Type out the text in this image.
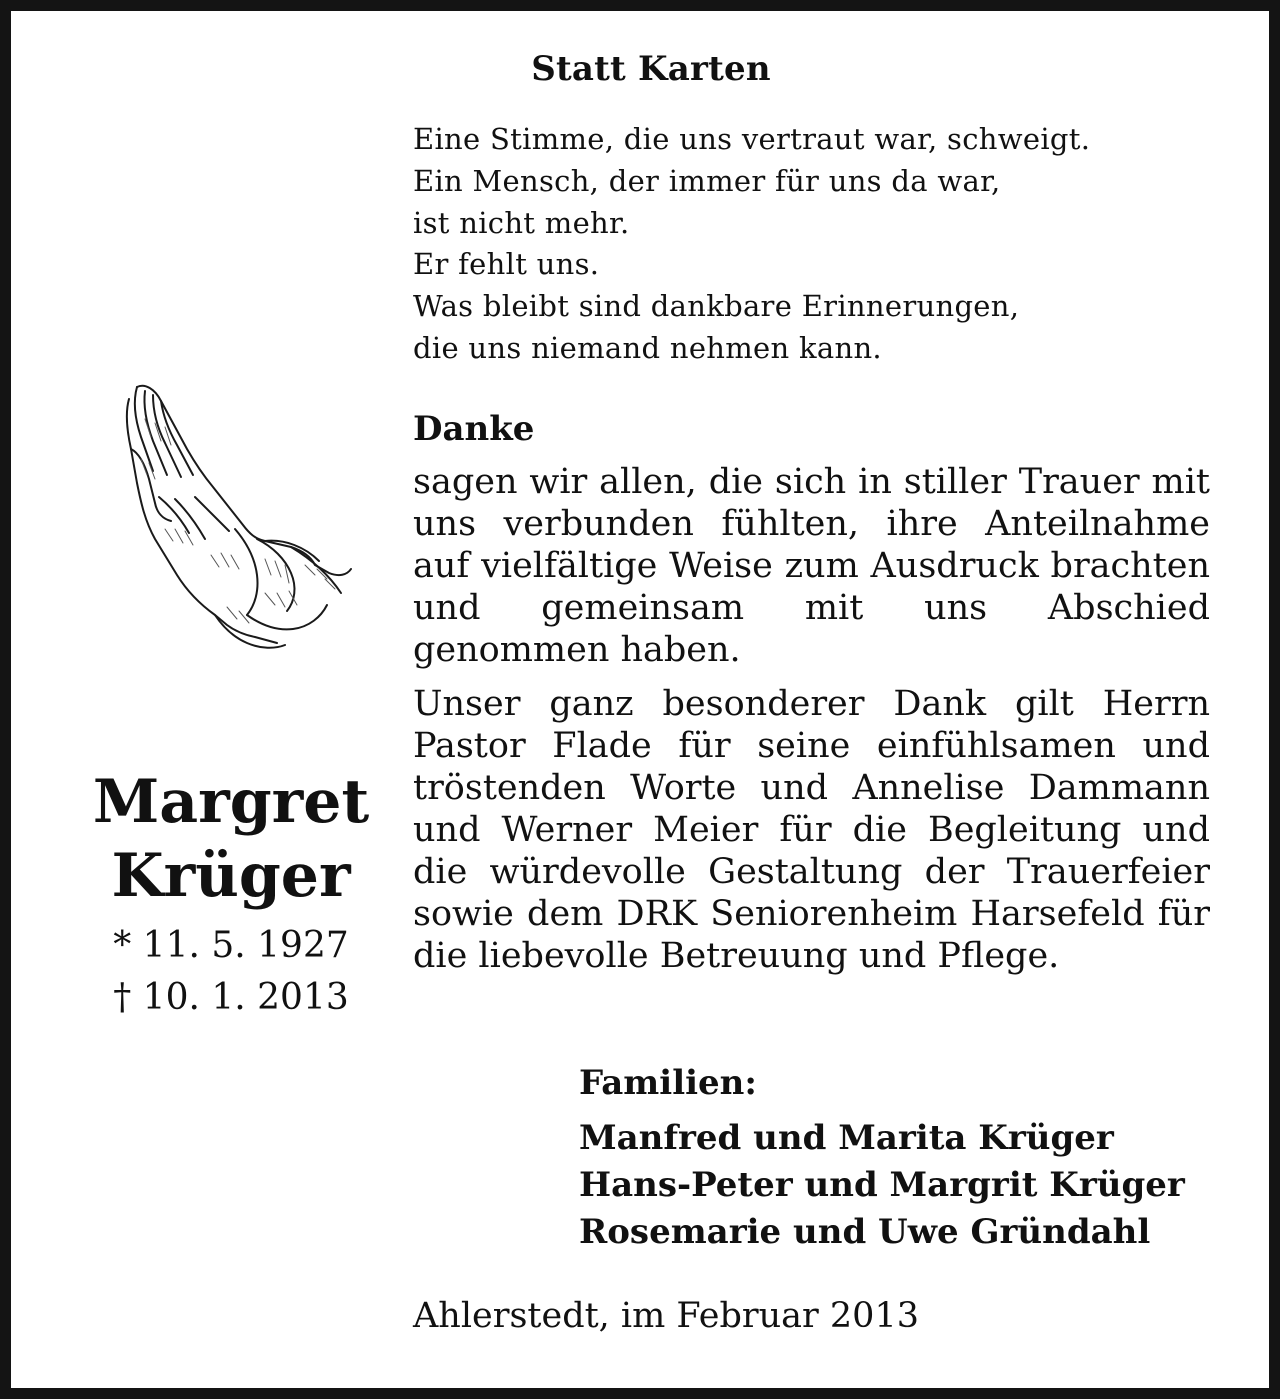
Statt Karten
Eine Stimme, die uns vertraut war, schweigt.
Ein Mensch, der immer für uns da war,
ist nicht mehr.
Er fehlt uns.
Was bleibt sind dankbare Erinnerungen,
die uns niemand nehmen kann.
Danke
sagen wir allen, die sich in stiller Trauer mit uns verbunden fühlten, ihre Anteilnahme auf vielfältige Weise zum Ausdruck brachten und gemeinsam mit uns Abschied genommen haben.
Unser ganz besonderer Dank gilt Herrn Pastor Flade für seine einfühlsamen und tröstenden Worte und Annelise Dammann und Werner Meier für die Begleitung und die würdevolle Gestaltung der Trauerfeier sowie dem DRK Seniorenheim Harsefeld für die liebevolle Betreuung und Pflege.
Margret
Krüger
* 11. 5. 1927
† 10. 1. 2013
Familien:
Manfred und Marita Krüger
Hans-Peter und Margrit Krüger
Rosemarie und Uwe Gründahl
Ahlerstedt, im Februar 2013
